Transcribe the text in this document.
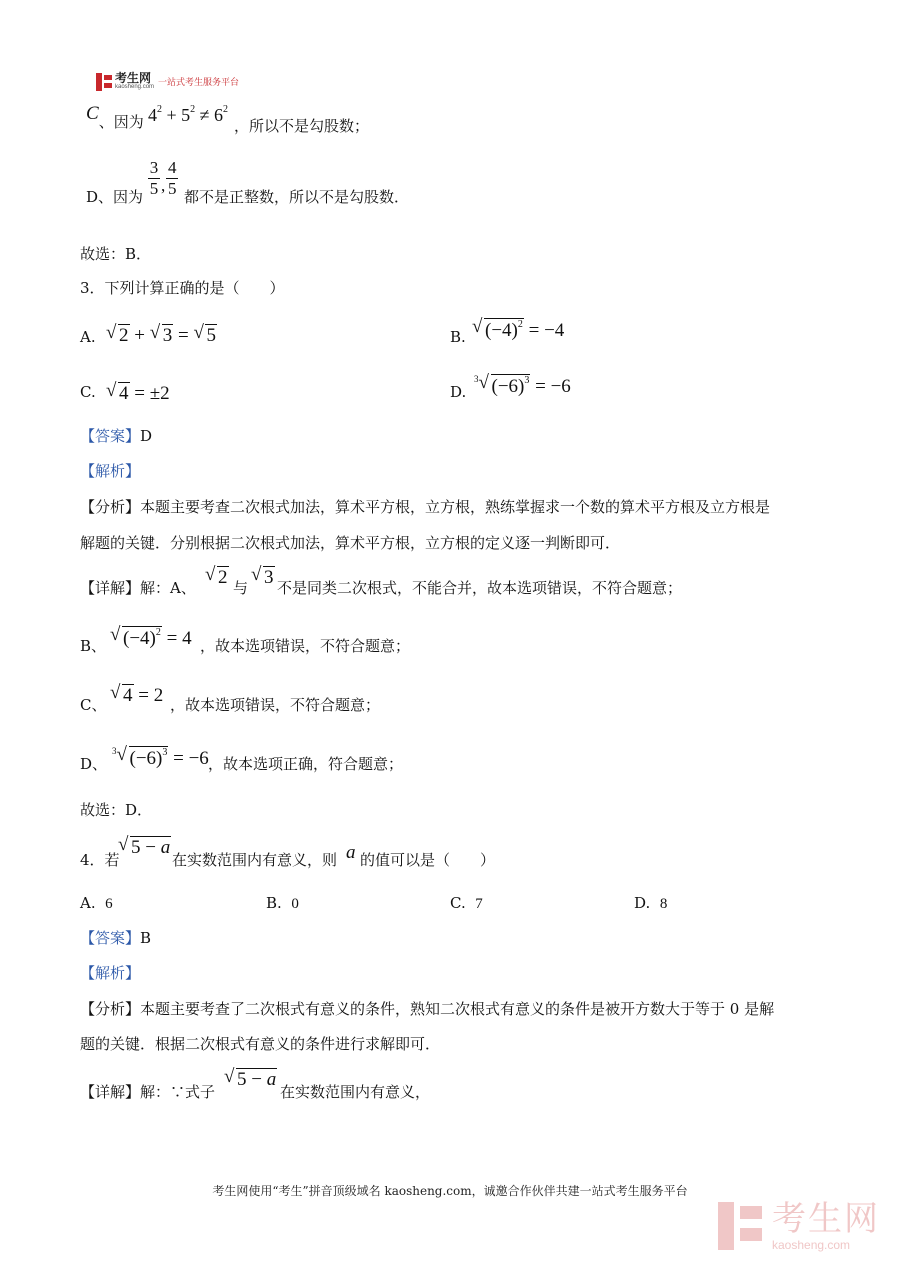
考生网
kaosheng.com 一站式考生服务平台
C、因为 $4^2 + 5^2 \ne 6^2$
，所以不是勾股数；
D、因为 $\frac{3}{5}$ , $\frac{4}{5}$ 都不是正整数，所以不是勾股数．
故选：B．
3．下列计算正确的是（　　）
A.	√ 2 + √ 3 = √ 5	B.	√ $(-4)^2 = -4$
C.	√ 4 = ±2	D.
$^3$ √ $(-6)^3 = -6$
【答案】D
【解析】
【分析】本题主要考查二次根式加法，算术平方根，立方根，熟练掌握求一个数的算术平方根及立方根是
解题的关键．分别根据二次根式加法，算术平方根，立方根的定义逐一判断即可．
【详解】解：A、	√ 2 与 √ 3 不是同类二次根式，不能合并，故本选项错误，不符合题意；
B、 √ $(-4)^2 = 4$ ，故本选项错误，不符合题意；
C、 √ 4 = 2 ，故本选项错误，不符合题意；
D、
$^3$ √ $(-6)^3 = -6$ ，故本选项正确，符合题意；
故选：D．
4．若
√ 5 − a
在实数范围内有意义，则 a 的值可以是（　　）
A. 6	B. 0	C. 7	D. 8
【答案】B
【解析】
【分析】本题主要考查了二次根式有意义的条件，熟知二次根式有意义的条件是被开方数大于等于 0 是解
题的关键．根据二次根式有意义的条件进行求解即可．
【详解】解：∵式子
√ 5 − a
在实数范围内有意义，
考生网使用“考生”拼音顶级域名 kaosheng.com，诚邀合作伙伴共建一站式考生服务平台
考生网
kaosheng.com
